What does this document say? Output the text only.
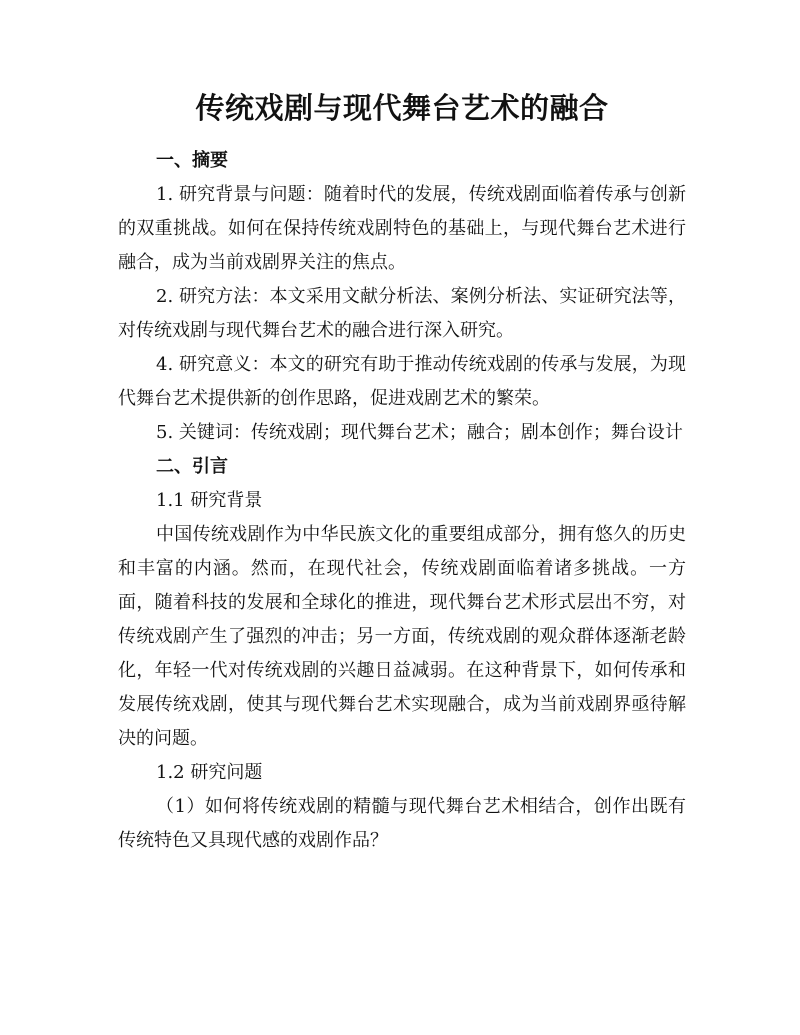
传统戏剧与现代舞台艺术的融合

一、摘要

1. 研究背景与问题：随着时代的发展，传统戏剧面临着传承与创新的双重挑战。如何在保持传统戏剧特色的基础上，与现代舞台艺术进行融合，成为当前戏剧界关注的焦点。

2. 研究方法：本文采用文献分析法、案例分析法、实证研究法等，对传统戏剧与现代舞台艺术的融合进行深入研究。

4. 研究意义：本文的研究有助于推动传统戏剧的传承与发展，为现代舞台艺术提供新的创作思路，促进戏剧艺术的繁荣。

5. 关键词：传统戏剧；现代舞台艺术；融合；剧本创作；舞台设计

二、引言

1.1 研究背景

中国传统戏剧作为中华民族文化的重要组成部分，拥有悠久的历史和丰富的内涵。然而，在现代社会，传统戏剧面临着诸多挑战。一方面，随着科技的发展和全球化的推进，现代舞台艺术形式层出不穷，对传统戏剧产生了强烈的冲击；另一方面，传统戏剧的观众群体逐渐老龄化，年轻一代对传统戏剧的兴趣日益减弱。在这种背景下，如何传承和发展传统戏剧，使其与现代舞台艺术实现融合，成为当前戏剧界亟待解决的问题。

1.2 研究问题

（1）如何将传统戏剧的精髓与现代舞台艺术相结合，创作出既有传统特色又具现代感的戏剧作品？
